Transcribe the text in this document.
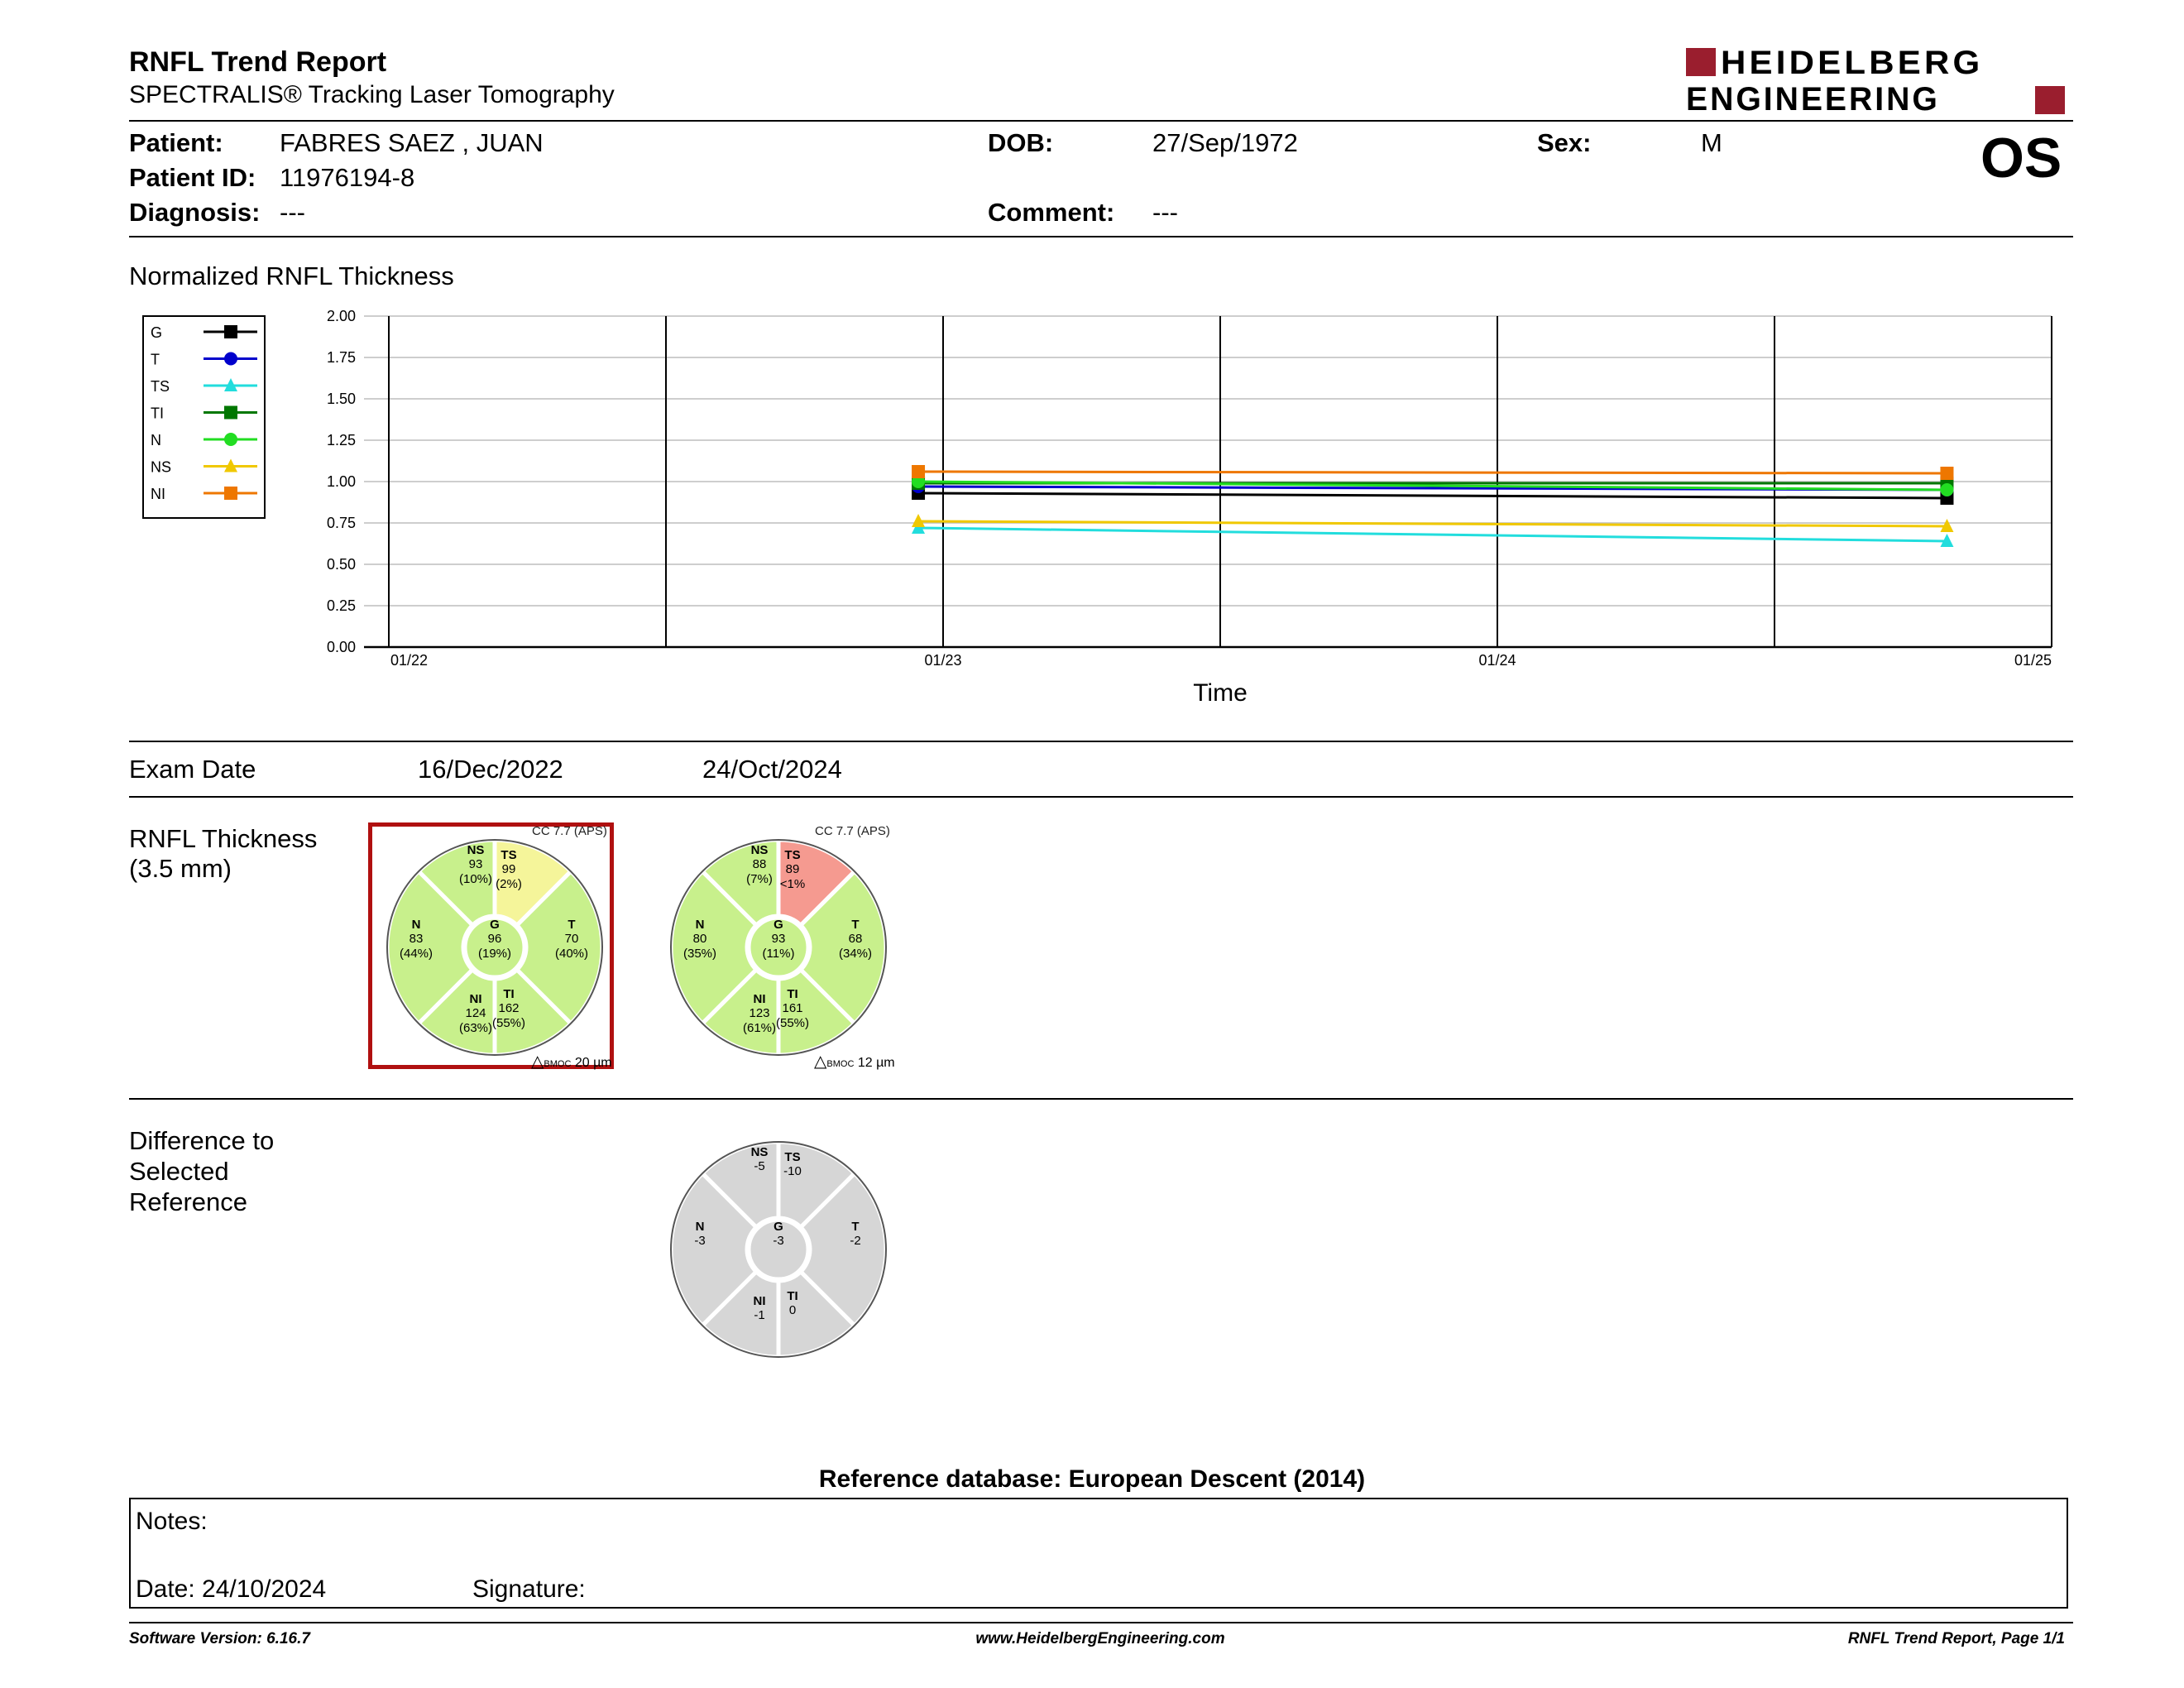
RNFL Trend Report
SPECTRALIS® Tracking Laser Tomography
HEIDELBERG
ENGINEERING
Patient: FABRES SAEZ , JUAN
Patient ID: 11976194-8
Diagnosis: ---
DOB:	27/Sep/1972
Comment: ---
Sex:	M	OS
Normalized RNFL Thickness
G
T
TS
TI
N
NS
NI
0.00
0.25
0.50
0.75
1.00
1.25
1.50
1.75
2.00
01/22	01/23	01/24	01/25
Time
Exam Date	16/Dec/2022	24/Oct/2024
RNFL Thickness
(3.5 mm)
CC 7.7 (APS)	CC 7.7 (APS)
NS
93
(10%)
TS
99
(2%)
N
83
(44%)
G
96
(19%)
T
70
(40%)
NI
124
(63%)
TI
162
(55%)
NS
88
(7%)
TS
89
<1%
N
80
(35%)
G
93
(11%)
T
68
(34%)
NI
123
(61%)
TI
161
(55%)
△BMOC 20 µm	△BMOC 12 µm
Difference to
Selected
Reference
NS
-5
TS
-10
N
-3
G
-3
T
-2
NI
-1
TI
0
Reference database: European Descent (2014)
Notes:
Date: 24/10/2024	Signature:
Software Version: 6.16.7	www.HeidelbergEngineering.com	RNFL Trend Report, Page 1/1
